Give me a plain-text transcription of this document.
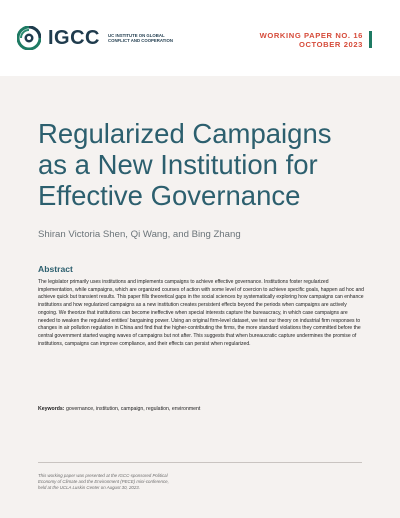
IGCC UC INSTITUTE ON GLOBAL
CONFLICT AND COOPERATION
WORKING PAPER NO. 16
OCTOBER 2023
Regularized Campaigns
as a New Institution for
Effective Governance
Shiran Victoria Shen, Qi Wang, and Bing Zhang
Abstract
The legislator primarily uses institutions and implements campaigns to achieve effective governance. Institutions foster regularized implementation, while campaigns, which are organized courses of action with some level of coercion to achieve specific goals, happen ad hoc and achieve quick but transient results. This paper fills theoretical gaps in the social sciences by systematically exploring how campaigns can enhance institutions and how regularized campaigns as a new institution creates persistent effects beyond the periods when campaigns are actively ongoing. We theorize that institutions can become ineffective when special interests capture the bureaucracy, in which case campaigns are needed to weaken the regulated entities' bargaining power. Using an original firm-level dataset, we test our theory on industrial firm responses to changes in air pollution regulation in China and find that the higher-contributing the firms, the more standard violations they committed before the central government started waging waves of campaigns but not after. This suggests that when bureaucratic capture undermines the promise of institutions, campaigns can improve compliance, and their effects can persist when regularized.
Keywords: governance, institution, campaign, regulation, environment
This working paper was presented at the IGCC-sponsored Political
Economy of Climate and the Environment (PECE) mini-conference,
held at the UCLA Luskin Center on August 30, 2023.
